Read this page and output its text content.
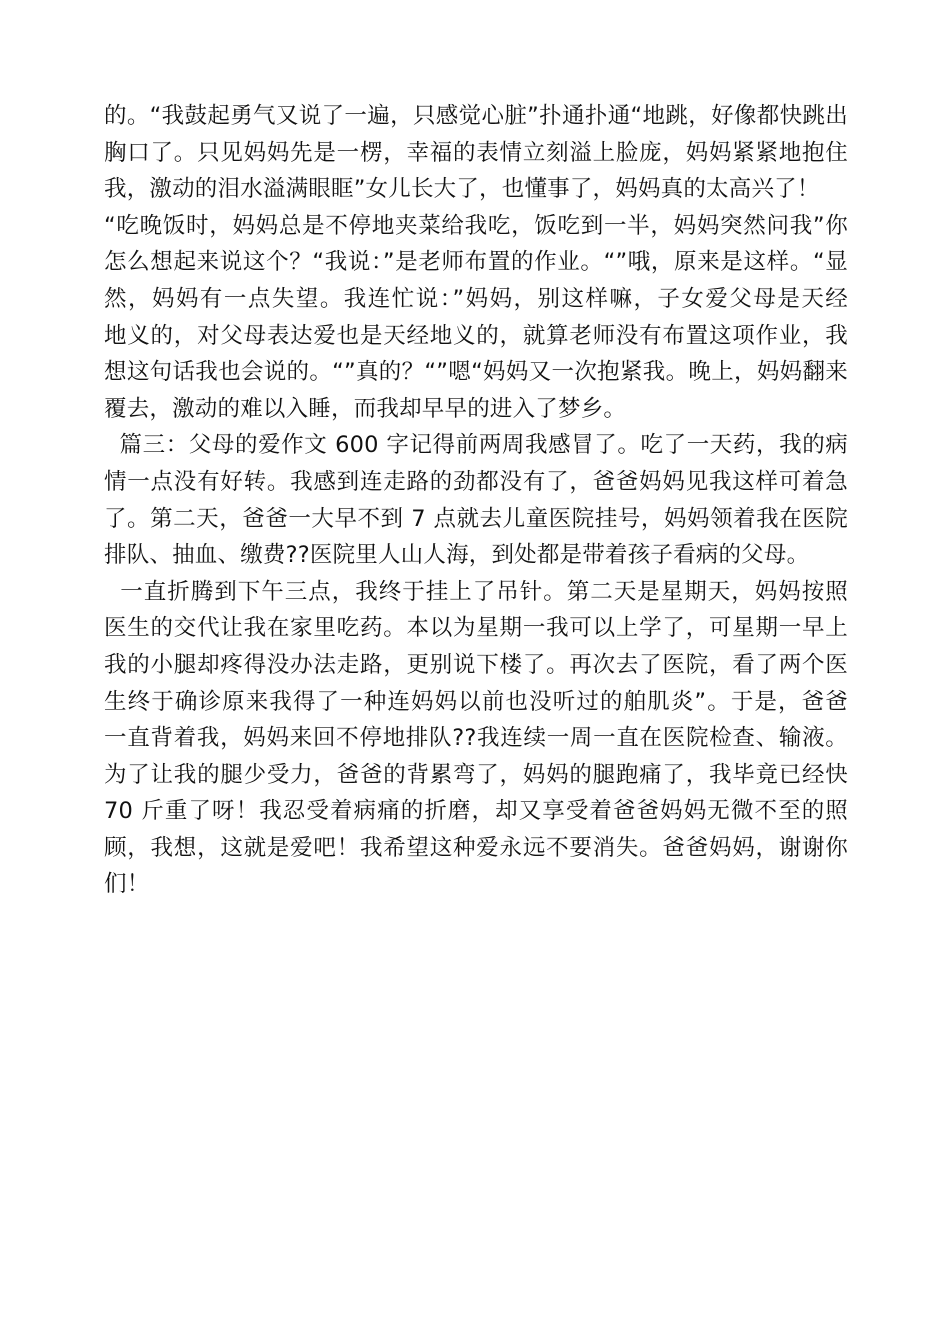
的。“我鼓起勇气又说了一遍，只感觉心脏”扑通扑通“地跳，好像都快跳出
胸口了。只见妈妈先是一楞，幸福的表情立刻溢上脸庞，妈妈紧紧地抱住
我，激动的泪水溢满眼眶”女儿长大了，也懂事了，妈妈真的太高兴了！
“吃晚饭时，妈妈总是不停地夹菜给我吃，饭吃到一半，妈妈突然问我”你
怎么想起来说这个？“我说：”是老师布置的作业。“”哦，原来是这样。“显
然，妈妈有一点失望。我连忙说：”妈妈，别这样嘛，子女爱父母是天经
地义的，对父母表达爱也是天经地义的，就算老师没有布置这项作业，我
想这句话我也会说的。“”真的？“”嗯“妈妈又一次抱紧我。晚上，妈妈翻来
覆去，激动的难以入睡，而我却早早的进入了梦乡。
篇三：父母的爱作文 600 字记得前两周我感冒了。吃了一天药，我的病
情一点没有好转。我感到连走路的劲都没有了，爸爸妈妈见我这样可着急
了。第二天，爸爸一大早不到 7 点就去儿童医院挂号，妈妈领着我在医院
排队、抽血、缴费??医院里人山人海，到处都是带着孩子看病的父母。
一直折腾到下午三点，我终于挂上了吊针。第二天是星期天，妈妈按照
医生的交代让我在家里吃药。本以为星期一我可以上学了，可星期一早上
我的小腿却疼得没办法走路，更别说下楼了。再次去了医院，看了两个医
生终于确诊原来我得了一种连妈妈以前也没听过的舶肌炎”。于是，爸爸
一直背着我，妈妈来回不停地排队??我连续一周一直在医院检查、输液。
为了让我的腿少受力，爸爸的背累弯了，妈妈的腿跑痛了，我毕竟已经快
70 斤重了呀！我忍受着病痛的折磨，却又享受着爸爸妈妈无微不至的照
顾，我想，这就是爱吧！我希望这种爱永远不要消失。爸爸妈妈，谢谢你
们！
